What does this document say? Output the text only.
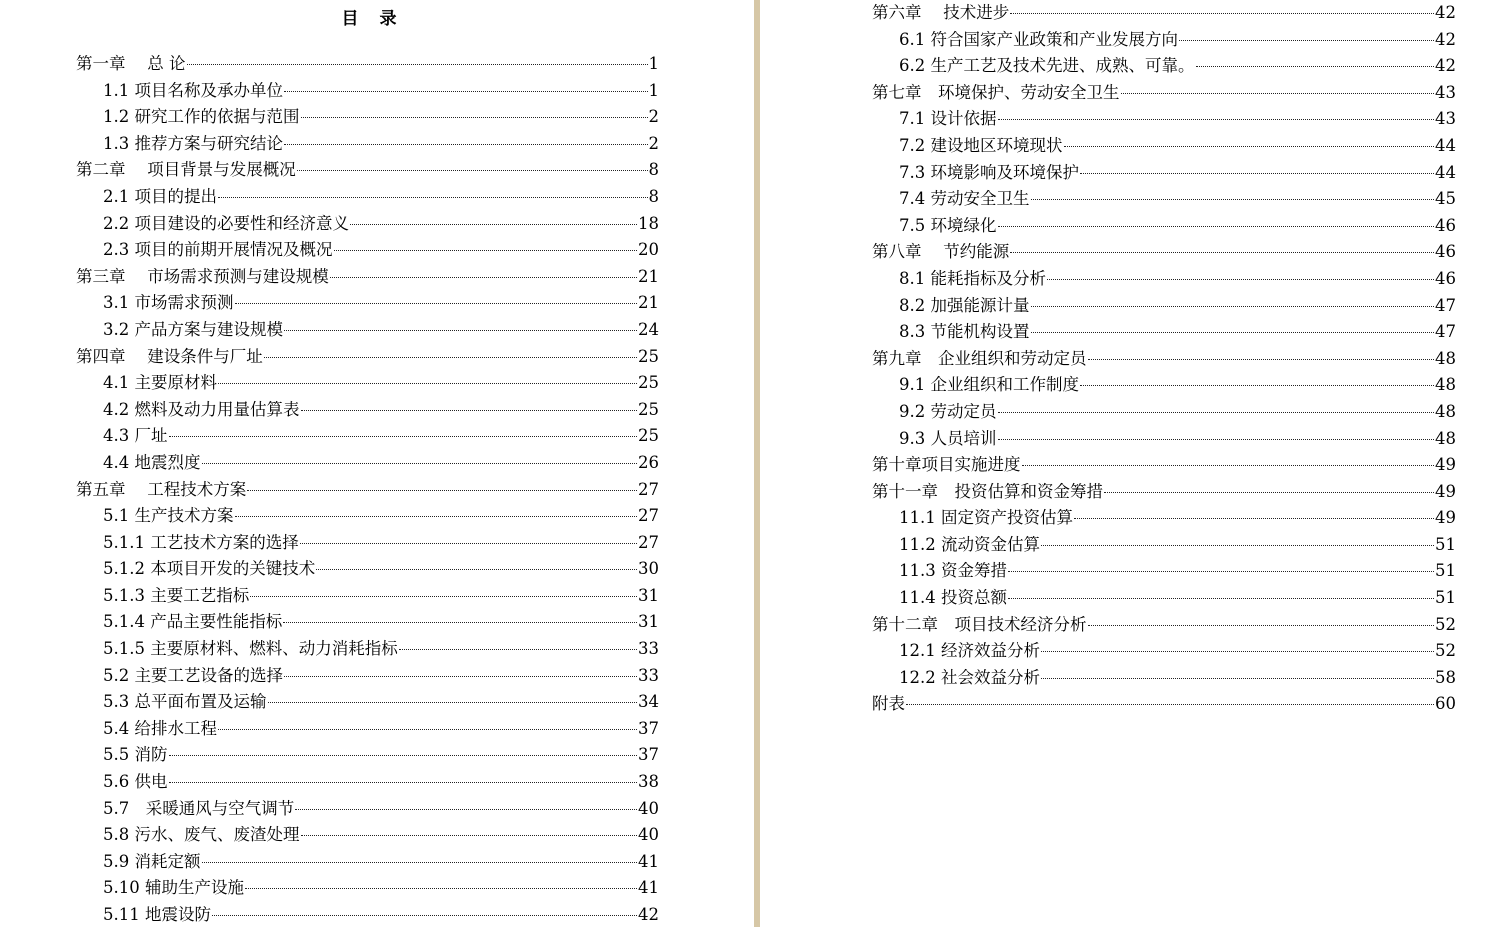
目　录
第一章　 总 论	1
1.1 项目名称及承办单位	1
1.2 研究工作的依据与范围	2
1.3 推荐方案与研究结论	2
第二章　 项目背景与发展概况	8
2.1 项目的提出	8
2.2 项目建设的必要性和经济意义	18
2.3 项目的前期开展情况及概况	20
第三章　 市场需求预测与建设规模	21
3.1 市场需求预测	21
3.2 产品方案与建设规模	24
第四章　 建设条件与厂址	25
4.1 主要原材料	25
4.2 燃料及动力用量估算表	25
4.3 厂址	25
4.4 地震烈度	26
第五章　 工程技术方案	27
5.1 生产技术方案	27
5.1.1 工艺技术方案的选择	27
5.1.2 本项目开发的关键技术	30
5.1.3 主要工艺指标	31
5.1.4 产品主要性能指标	31
5.1.5 主要原材料、燃料、动力消耗指标	33
5.2 主要工艺设备的选择	33
5.3 总平面布置及运输	34
5.4 给排水工程	37
5.5 消防	37
5.6 供电	38
5.7　采暖通风与空气调节	40
5.8 污水、废气、废渣处理	40
5.9 消耗定额	41
5.10 辅助生产设施	41
5.11 地震设防	42
第六章　 技术进步	42
6.1 符合国家产业政策和产业发展方向	42
6.2 生产工艺及技术先进、成熟、可靠。	42
第七章　环境保护、劳动安全卫生	43
7.1 设计依据	43
7.2 建设地区环境现状	44
7.3 环境影响及环境保护	44
7.4 劳动安全卫生	45
7.5 环境绿化	46
第八章　 节约能源	46
8.1 能耗指标及分析	46
8.2 加强能源计量	47
8.3 节能机构设置	47
第九章　企业组织和劳动定员	48
9.1 企业组织和工作制度	48
9.2 劳动定员	48
9.3 人员培训	48
第十章项目实施进度	49
第十一章　投资估算和资金筹措	49
11.1 固定资产投资估算	49
11.2 流动资金估算	51
11.3 资金筹措	51
11.4 投资总额	51
第十二章　项目技术经济分析	52
12.1 经济效益分析	52
12.2 社会效益分析	58
附表	60
